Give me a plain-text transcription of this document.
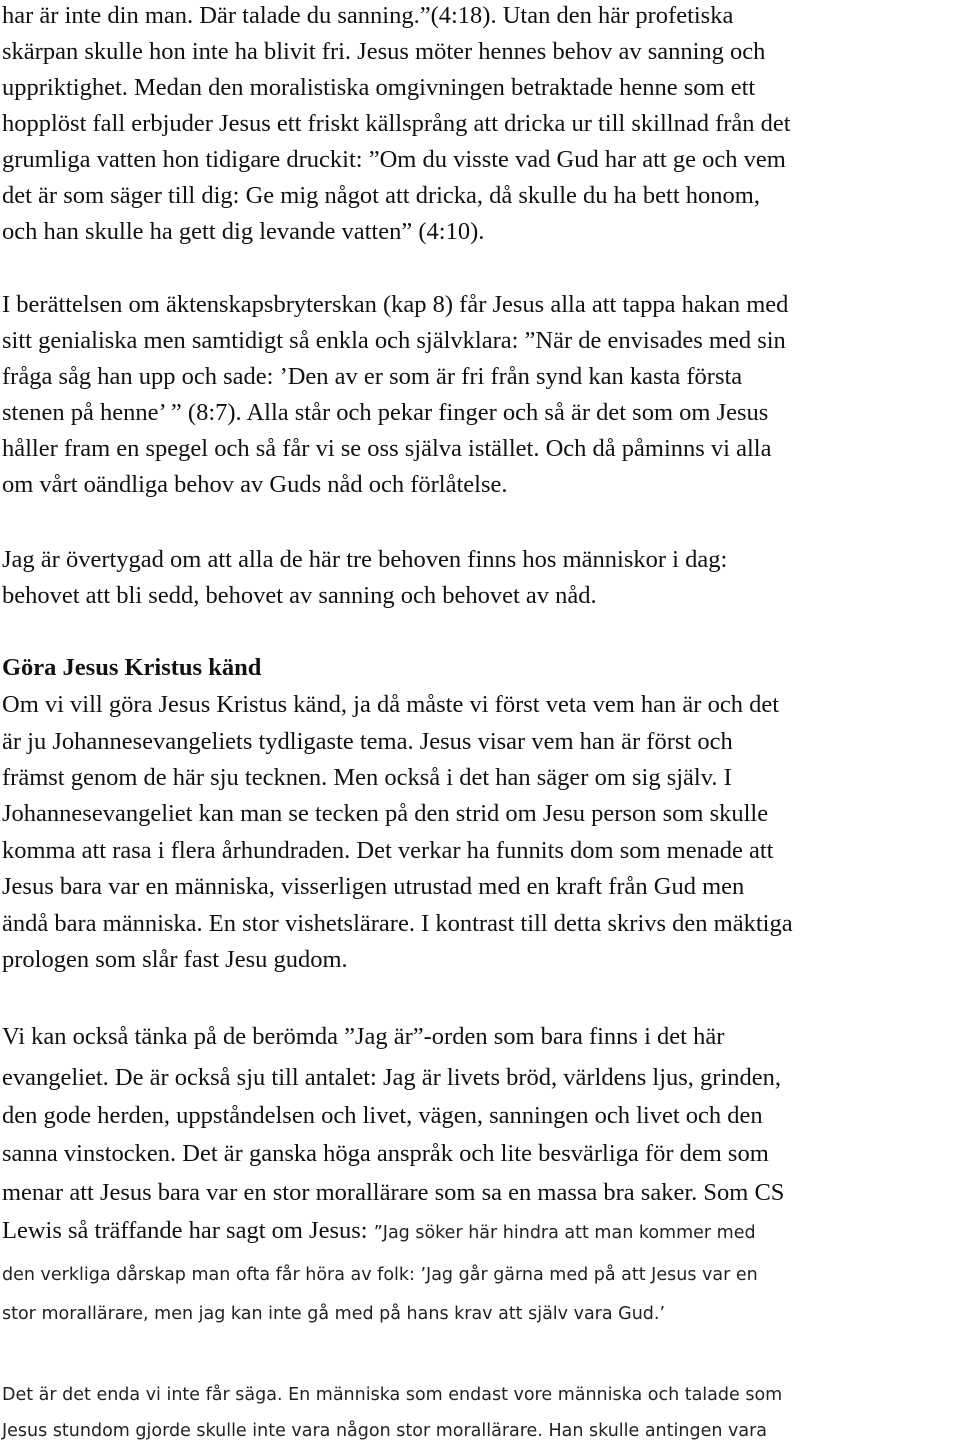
har är inte din man. Där talade du sanning.”(4:18). Utan den här profetiska
skärpan skulle hon inte ha blivit fri. Jesus möter hennes behov av sanning och
uppriktighet. Medan den moralistiska omgivningen betraktade henne som ett
hopplöst fall erbjuder Jesus ett friskt källsprång att dricka ur till skillnad från det
grumliga vatten hon tidigare druckit: ”Om du visste vad Gud har att ge och vem
det är som säger till dig: Ge mig något att dricka, då skulle du ha bett honom,
och han skulle ha gett dig levande vatten” (4:10).
I berättelsen om äktenskapsbryterskan (kap 8) får Jesus alla att tappa hakan med
sitt genialiska men samtidigt så enkla och självklara: ”När de envisades med sin
fråga såg han upp och sade: ’Den av er som är fri från synd kan kasta första
stenen på henne’ ” (8:7). Alla står och pekar finger och så är det som om Jesus
håller fram en spegel och så får vi se oss själva istället. Och då påminns vi alla
om vårt oändliga behov av Guds nåd och förlåtelse.
Jag är övertygad om att alla de här tre behoven finns hos människor i dag:
behovet att bli sedd, behovet av sanning och behovet av nåd.
Göra Jesus Kristus känd
Om vi vill göra Jesus Kristus känd, ja då måste vi först veta vem han är och det
är ju Johannesevangeliets tydligaste tema. Jesus visar vem han är först och
främst genom de här sju tecknen. Men också i det han säger om sig själv. I
Johannesevangeliet kan man se tecken på den strid om Jesu person som skulle
komma att rasa i flera århundraden. Det verkar ha funnits dom som menade att
Jesus bara var en människa, visserligen utrustad med en kraft från Gud men
ändå bara människa. En stor vishetslärare. I kontrast till detta skrivs den mäktiga
prologen som slår fast Jesu gudom.
Vi kan också tänka på de berömda ”Jag är”-orden som bara finns i det här
evangeliet. De är också sju till antalet: Jag är livets bröd, världens ljus, grinden,
den gode herden, uppståndelsen och livet, vägen, sanningen och livet och den
sanna vinstocken. Det är ganska höga anspråk och lite besvärliga för dem som
menar att Jesus bara var en stor morallärare som sa en massa bra saker. Som CS
Lewis så träffande har sagt om Jesus: ”Jag söker här hindra att man kommer med
den verkliga dårskap man ofta får höra av folk: ’Jag går gärna med på att Jesus var en
stor morallärare, men jag kan inte gå med på hans krav att själv vara Gud.’
Det är det enda vi inte får säga. En människa som endast vore människa och talade som
Jesus stundom gjorde skulle inte vara någon stor morallärare. Han skulle antingen vara
